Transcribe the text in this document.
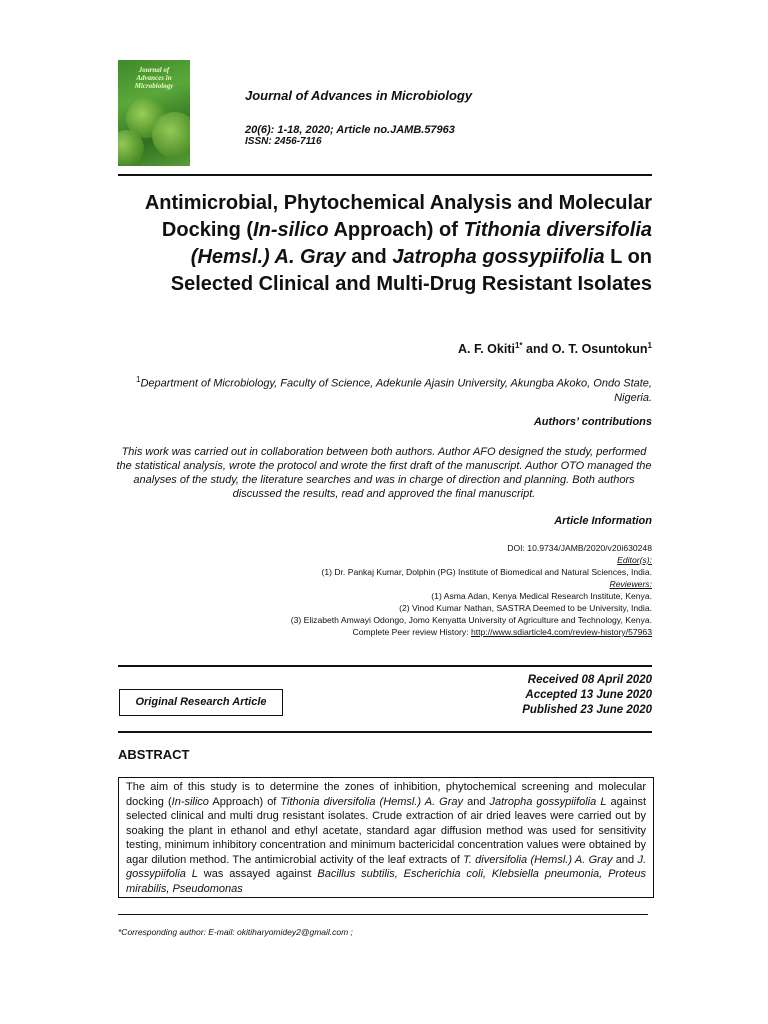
Journal of
Advances in
Microbiology
Journal of Advances in Microbiology
20(6): 1-18, 2020; Article no.JAMB.57963
ISSN: 2456-7116
Antimicrobial, Phytochemical Analysis and Molecular Docking (In-silico Approach) of Tithonia diversifolia (Hemsl.) A. Gray and Jatropha gossypiifolia L on Selected Clinical and Multi-Drug Resistant Isolates
A. F. Okiti$^{1*}$ and O. T. Osuntokun$^1$
$^1$Department of Microbiology, Faculty of Science, Adekunle Ajasin University, Akungba Akoko, Ondo State, Nigeria.
Authors’ contributions
This work was carried out in collaboration between both authors. Author AFO designed the study, performed the statistical analysis, wrote the protocol and wrote the first draft of the manuscript. Author OTO managed the analyses of the study, the literature searches and was in charge of direction and planning. Both authors discussed the results, read and approved the final manuscript.
Article Information
DOI: 10.9734/JAMB/2020/v20i630248
Editor(s):
(1) Dr. Pankaj Kumar, Dolphin (PG) Institute of Biomedical and Natural Sciences, India.
Reviewers:
(1) Asma Adan, Kenya Medical Research Institute, Kenya.
(2) Vinod Kumar Nathan, SASTRA Deemed to be University, India.
(3) Elizabeth Amwayi Odongo, Jomo Kenyatta University of Agriculture and Technology, Kenya.
Complete Peer review History: http://www.sdiarticle4.com/review-history/57963
Received 08 April 2020
Accepted 13 June 2020
Published 23 June 2020
Original Research Article
ABSTRACT
The aim of this study is to determine the zones of inhibition, phytochemical screening and molecular docking (In-silico Approach) of Tithonia diversifolia (Hemsl.) A. Gray and Jatropha gossypiifolia L against selected clinical and multi drug resistant isolates. Crude extraction of air dried leaves were carried out by soaking the plant in ethanol and ethyl acetate, standard agar diffusion method was used for sensitivity testing, minimum inhibitory concentration and minimum bactericidal concentration values were obtained by agar dilution method. The antimicrobial activity of the leaf extracts of T. diversifolia (Hemsl.) A. Gray and J. gossypiifolia L was assayed against Bacillus subtilis, Escherichia coli, Klebsiella pneumonia, Proteus mirabilis, Pseudomonas
*Corresponding author: E-mail: okitiharyomidey2@gmail.com ;
